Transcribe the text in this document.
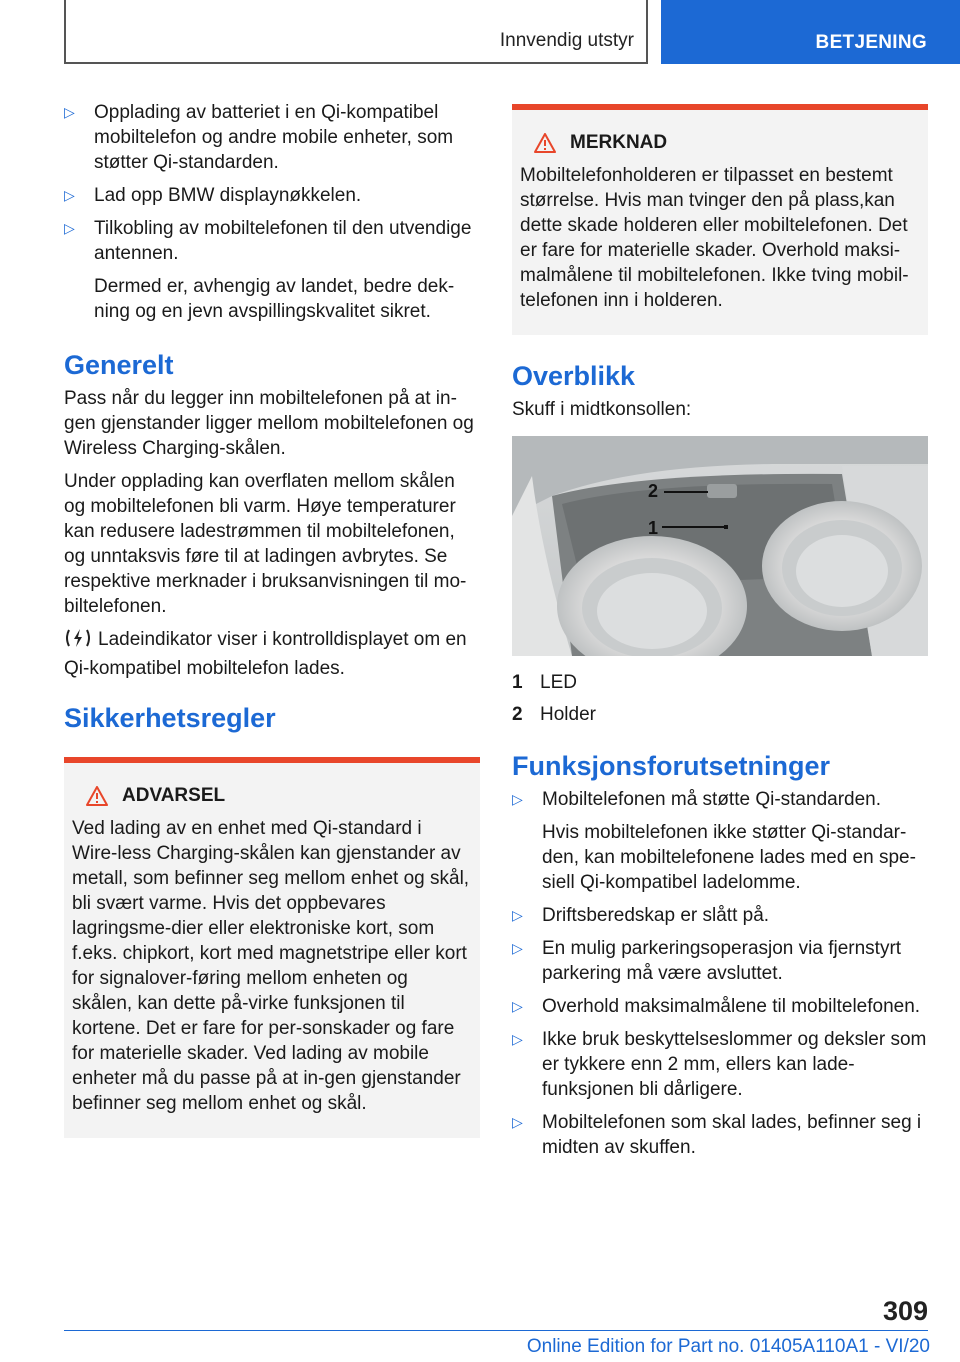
Innvendig utstyr	BETJENING
▷ Opplading av batteriet i en Qi-kompatibel mobiltelefon og andre mobile enheter, som støtter Qi-standarden.
▷ Lad opp BMW displaynøkkelen.
▷ Tilkobling av mobiltelefonen til den utvendige antennen.
Dermed er, avhengig av landet, bedre dek-ning og en jevn avspillingskvalitet sikret.
Generelt

Pass når du legger inn mobiltelefonen på at in-gen gjenstander ligger mellom mobiltelefonen og Wireless Charging-skålen.

Under opplading kan overflaten mellom skålen og mobiltelefonen bli varm. Høye temperaturer kan redusere ladestrømmen til mobiltelefonen, og unntaksvis føre til at ladingen avbrytes. Se respektive merknader i bruksanvisningen til mo-biltelefonen.

Ladeindikator viser i kontrolldisplayet om en Qi-kompatibel mobiltelefon lades.

Sikkerhetsregler
ADVARSEL
Ved lading av en enhet med Qi-standard i Wire-less Charging-skålen kan gjenstander av metall, som befinner seg mellom enhet og skål, bli svært varme. Hvis det oppbevares lagringsme-dier eller elektroniske kort, som f.eks. chipkort, kort med magnetstripe eller kort for signalover-føring mellom enheten og skålen, kan dette på-virke funksjonen til kortene. Det er fare for per-sonskader og fare for materielle skader. Ved lading av mobile enheter må du passe på at in-gen gjenstander befinner seg mellom enhet og skål.
MERKNAD
Mobiltelefonholderen er tilpasset en bestemt størrelse. Hvis man tvinger den på plass,kan dette skade holderen eller mobiltelefonen. Det er fare for materielle skader. Overhold maksi-malmålene til mobiltelefonen. Ikke tving mobil-telefonen inn i holderen.
Overblikk

Skuff i midtkonsollen:

2
1
1 LED
2 Holder
Funksjonsforutsetninger
▷ Mobiltelefonen må støtte Qi-standarden.
Hvis mobiltelefonen ikke støtter Qi-standar-den, kan mobiltelefonene lades med en spe-siell Qi-kompatibel ladelomme.
▷ Driftsberedskap er slått på.
▷ En mulig parkeringsoperasjon via fjernstyrt parkering må være avsluttet.
▷ Overhold maksimalmålene til mobiltelefonen.
▷ Ikke bruk beskyttelseslommer og deksler som er tykkere enn 2 mm, ellers kan lade-funksjonen bli dårligere.
▷ Mobiltelefonen som skal lades, befinner seg i midten av skuffen.
309
Online Edition for Part no. 01405A110A1 - VI/20
